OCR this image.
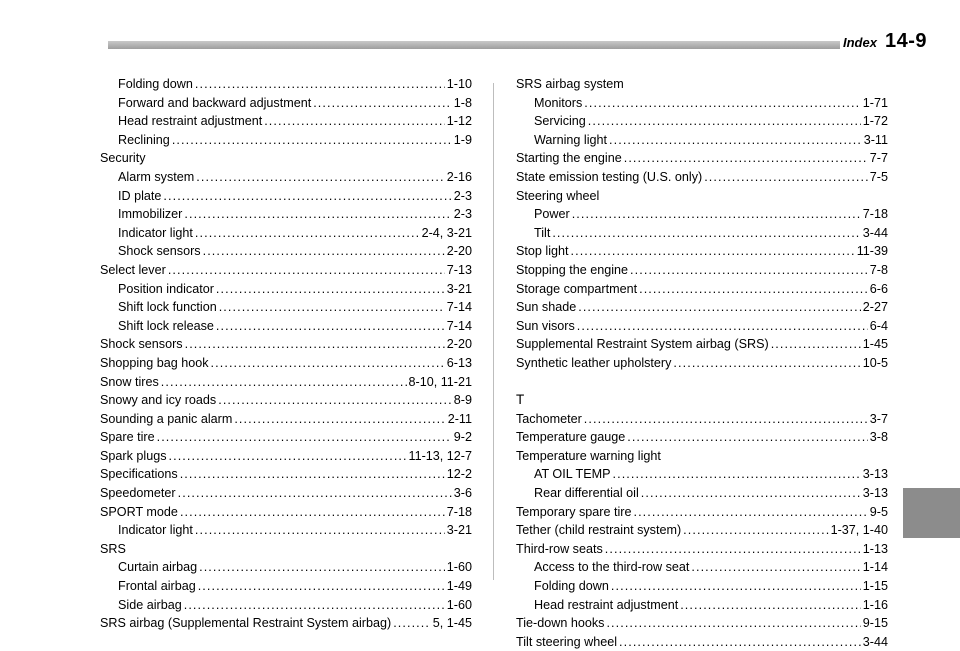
Index 14-9
Folding down . . .	1-10
Forward and backward adjustment . . .	1-8
Head restraint adjustment . . .	1-12
Reclining . . .	1-9
Security
Alarm system . . .	2-16
ID plate . . .	2-3
Immobilizer . . .	2-3
Indicator light . . .	2-4, 3-21
Shock sensors . . .	2-20
Select lever . . .	7-13
Position indicator . . .	3-21
Shift lock function . . .	7-14
Shift lock release . . .	7-14
Shock sensors . . .	2-20
Shopping bag hook . . .	6-13
Snow tires . . .	8-10, 11-21
Snowy and icy roads . . .	8-9
Sounding a panic alarm . . .	2-11
Spare tire . . .	9-2
Spark plugs . . .	11-13, 12-7
Specifications . . .	12-2
Speedometer . . .	3-6
SPORT mode . . .	7-18
Indicator light . . .	3-21
SRS
Curtain airbag . . .	1-60
Frontal airbag . . .	1-49
Side airbag . . .	1-60
SRS airbag (Supplemental Restraint System airbag) . . .	5, 1-45
SRS airbag system
Monitors . . .	1-71
Servicing . . .	1-72
Warning light . . .	3-11
Starting the engine . . .	7-7
State emission testing (U.S. only) . . .	7-5
Steering wheel
Power . . .	7-18
Tilt . . .	3-44
Stop light . . .	11-39
Stopping the engine . . .	7-8
Storage compartment . . .	6-6
Sun shade . . .	2-27
Sun visors . . .	6-4
Supplemental Restraint System airbag (SRS) . . .	1-45
Synthetic leather upholstery . . .	10-5
T
Tachometer . . .	3-7
Temperature gauge . . .	3-8
Temperature warning light
AT OIL TEMP . . .	3-13
Rear differential oil . . .	3-13
Temporary spare tire . . .	9-5
Tether (child restraint system) . . .	1-37, 1-40
Third-row seats . . .	1-13
Access to the third-row seat . . .	1-14
Folding down . . .	1-15
Head restraint adjustment . . .	1-16
Tie-down hooks . . .	9-15
Tilt steering wheel . . .	3-44
